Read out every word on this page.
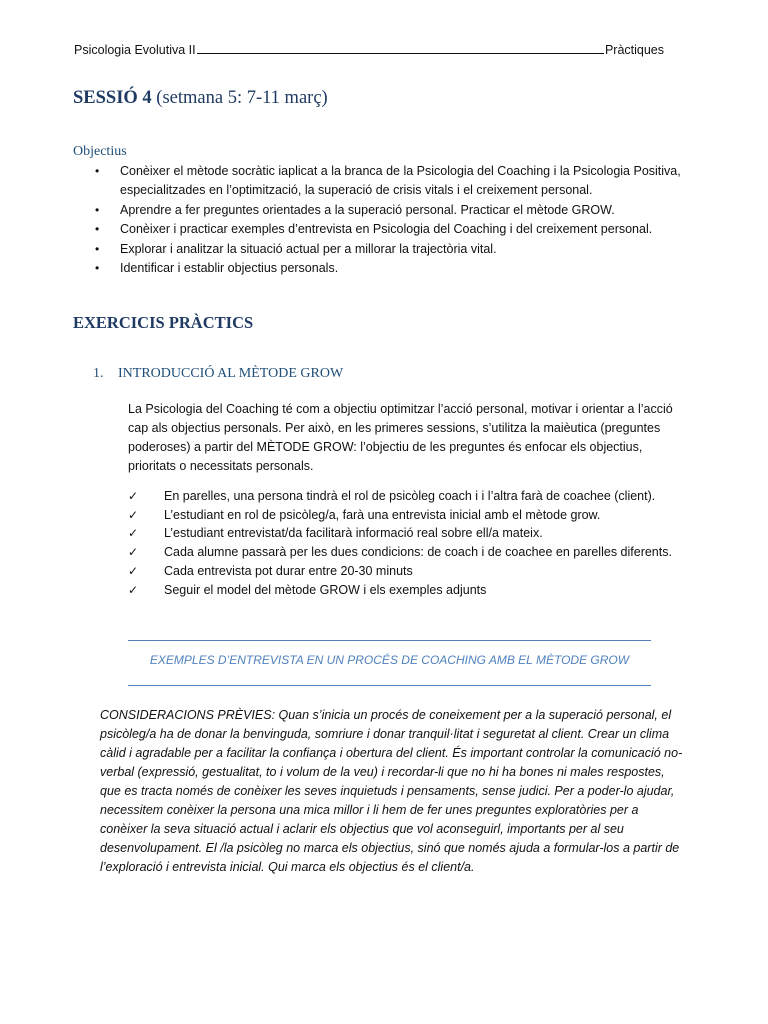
Psicologia Evolutiva II	Pràctiques
SESSIÓ 4 (setmana 5: 7-11 març)
Objectius
• Conèixer el mètode socràtic iaplicat a la branca de la Psicologia del Coaching i la Psicologia Positiva, especialitzades en l’optimització, la superació de crisis vitals i el creixement personal.
• Aprendre a fer preguntes orientades a la superació personal. Practicar el mètode GROW.
• Conèixer i practicar exemples d’entrevista en Psicologia del Coaching i del creixement personal.
• Explorar i analitzar la situació actual per a millorar la trajectòria vital.
• Identificar i establir objectius personals.
EXERCICIS PRÀCTICS
1. INTRODUCCIÓ AL MÈTODE GROW

La Psicologia del Coaching té com a objectiu optimitzar l’acció personal, motivar i orientar a l’acció cap als objectius personals. Per això, en les primeres sessions, s’utilitza la maièutica (preguntes poderoses) a partir del MÈTODE GROW: l’objectiu de les preguntes és enfocar els objectius, prioritats o necessitats personals.

✓ En parelles, una persona tindrà el rol de psicòleg coach i i l’altra farà de coachee (client).
✓ L’estudiant en rol de psicòleg/a, farà una entrevista inicial amb el mètode grow.
✓ L’estudiant entrevistat/da facilitarà informació real sobre ell/a mateix.
✓ Cada alumne passarà per les dues condicions: de coach i de coachee en parelles diferents.
✓ Cada entrevista pot durar entre 20-30 minuts
✓ Seguir el model del mètode GROW i els exemples adjunts
EXEMPLES D’ENTREVISTA EN UN PROCÉS DE COACHING AMB EL MÈTODE GROW

CONSIDERACIONS PRÈVIES: Quan s’inicia un procés de coneixement per a la superació personal, el psicòleg/a ha de donar la benvinguda, somriure i donar tranquil·litat i seguretat al client. Crear un clima càlid i agradable per a facilitar la confiança i obertura del client. És important controlar la comunicació no-verbal (expressió, gestualitat, to i volum de la veu) i recordar-li que no hi ha bones ni males respostes, que es tracta només de conèixer les seves inquietuds i pensaments, sense judici. Per a poder-lo ajudar, necessitem conèixer la persona una mica millor i li hem de fer unes preguntes exploratòries per a conèixer la seva situació actual i aclarir els objectius que vol aconseguirl, importants per al seu desenvolupament. El /la psicòleg no marca els objectius, sinó que només ajuda a formular-los a partir de l’exploració i entrevista inicial. Qui marca els objectius és el client/a.
